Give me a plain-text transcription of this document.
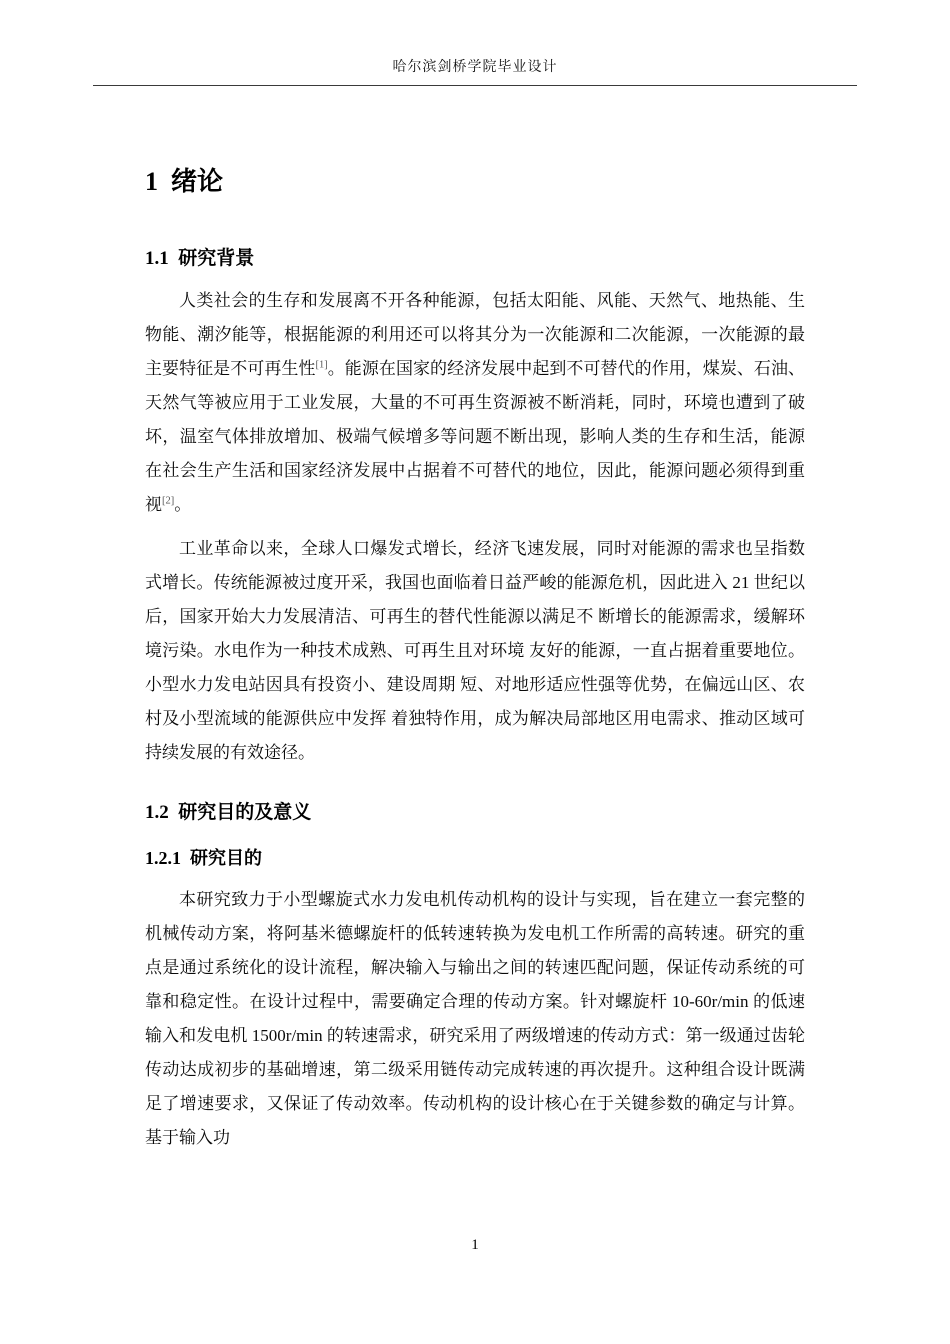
哈尔滨剑桥学院毕业设计
1  绪论
1.1  研究背景

人类社会的生存和发展离不开各种能源，包括太阳能、风能、天然气、地热能、生物能、潮汐能等，根据能源的利用还可以将其分为一次能源和二次能源，一次能源的最主要特征是不可再生性[1]。能源在国家的经济发展中起到不可替代的作用，煤炭、石油、天然气等被应用于工业发展，大量的不可再生资源被不断消耗，同时，环境也遭到了破坏，温室气体排放增加、极端气候增多等问题不断出现，影响人类的生存和生活，能源在社会生产生活和国家经济发展中占据着不可替代的地位，因此，能源问题必须得到重视[2]。

工业革命以来，全球人口爆发式增长，经济飞速发展，同时对能源的需求也呈指数式增长。传统能源被过度开采，我国也面临着日益严峻的能源危机，因此进入 21 世纪以后，国家开始大力发展清洁、可再生的替代性能源以满足不 断增长的能源需求，缓解环境污染。水电作为一种技术成熟、可再生且对环境 友好的能源，一直占据着重要地位。小型水力发电站因具有投资小、建设周期 短、对地形适应性强等优势，在偏远山区、农村及小型流域的能源供应中发挥 着独特作用，成为解决局部地区用电需求、推动区域可持续发展的有效途径。

1.2  研究目的及意义
1.2.1  研究目的

本研究致力于小型螺旋式水力发电机传动机构的设计与实现，旨在建立一套完整的机械传动方案，将阿基米德螺旋杆的低转速转换为发电机工作所需的高转速。研究的重点是通过系统化的设计流程，解决输入与输出之间的转速匹配问题，保证传动系统的可靠和稳定性。在设计过程中，需要确定合理的传动方案。针对螺旋杆 10-60r/min 的低速输入和发电机 1500r/min 的转速需求，研究采用了两级增速的传动方式：第一级通过齿轮传动达成初步的基础增速，第二级采用链传动完成转速的再次提升。这种组合设计既满足了增速要求，又保证了传动效率。传动机构的设计核心在于关键参数的确定与计算。基于输入功

1
